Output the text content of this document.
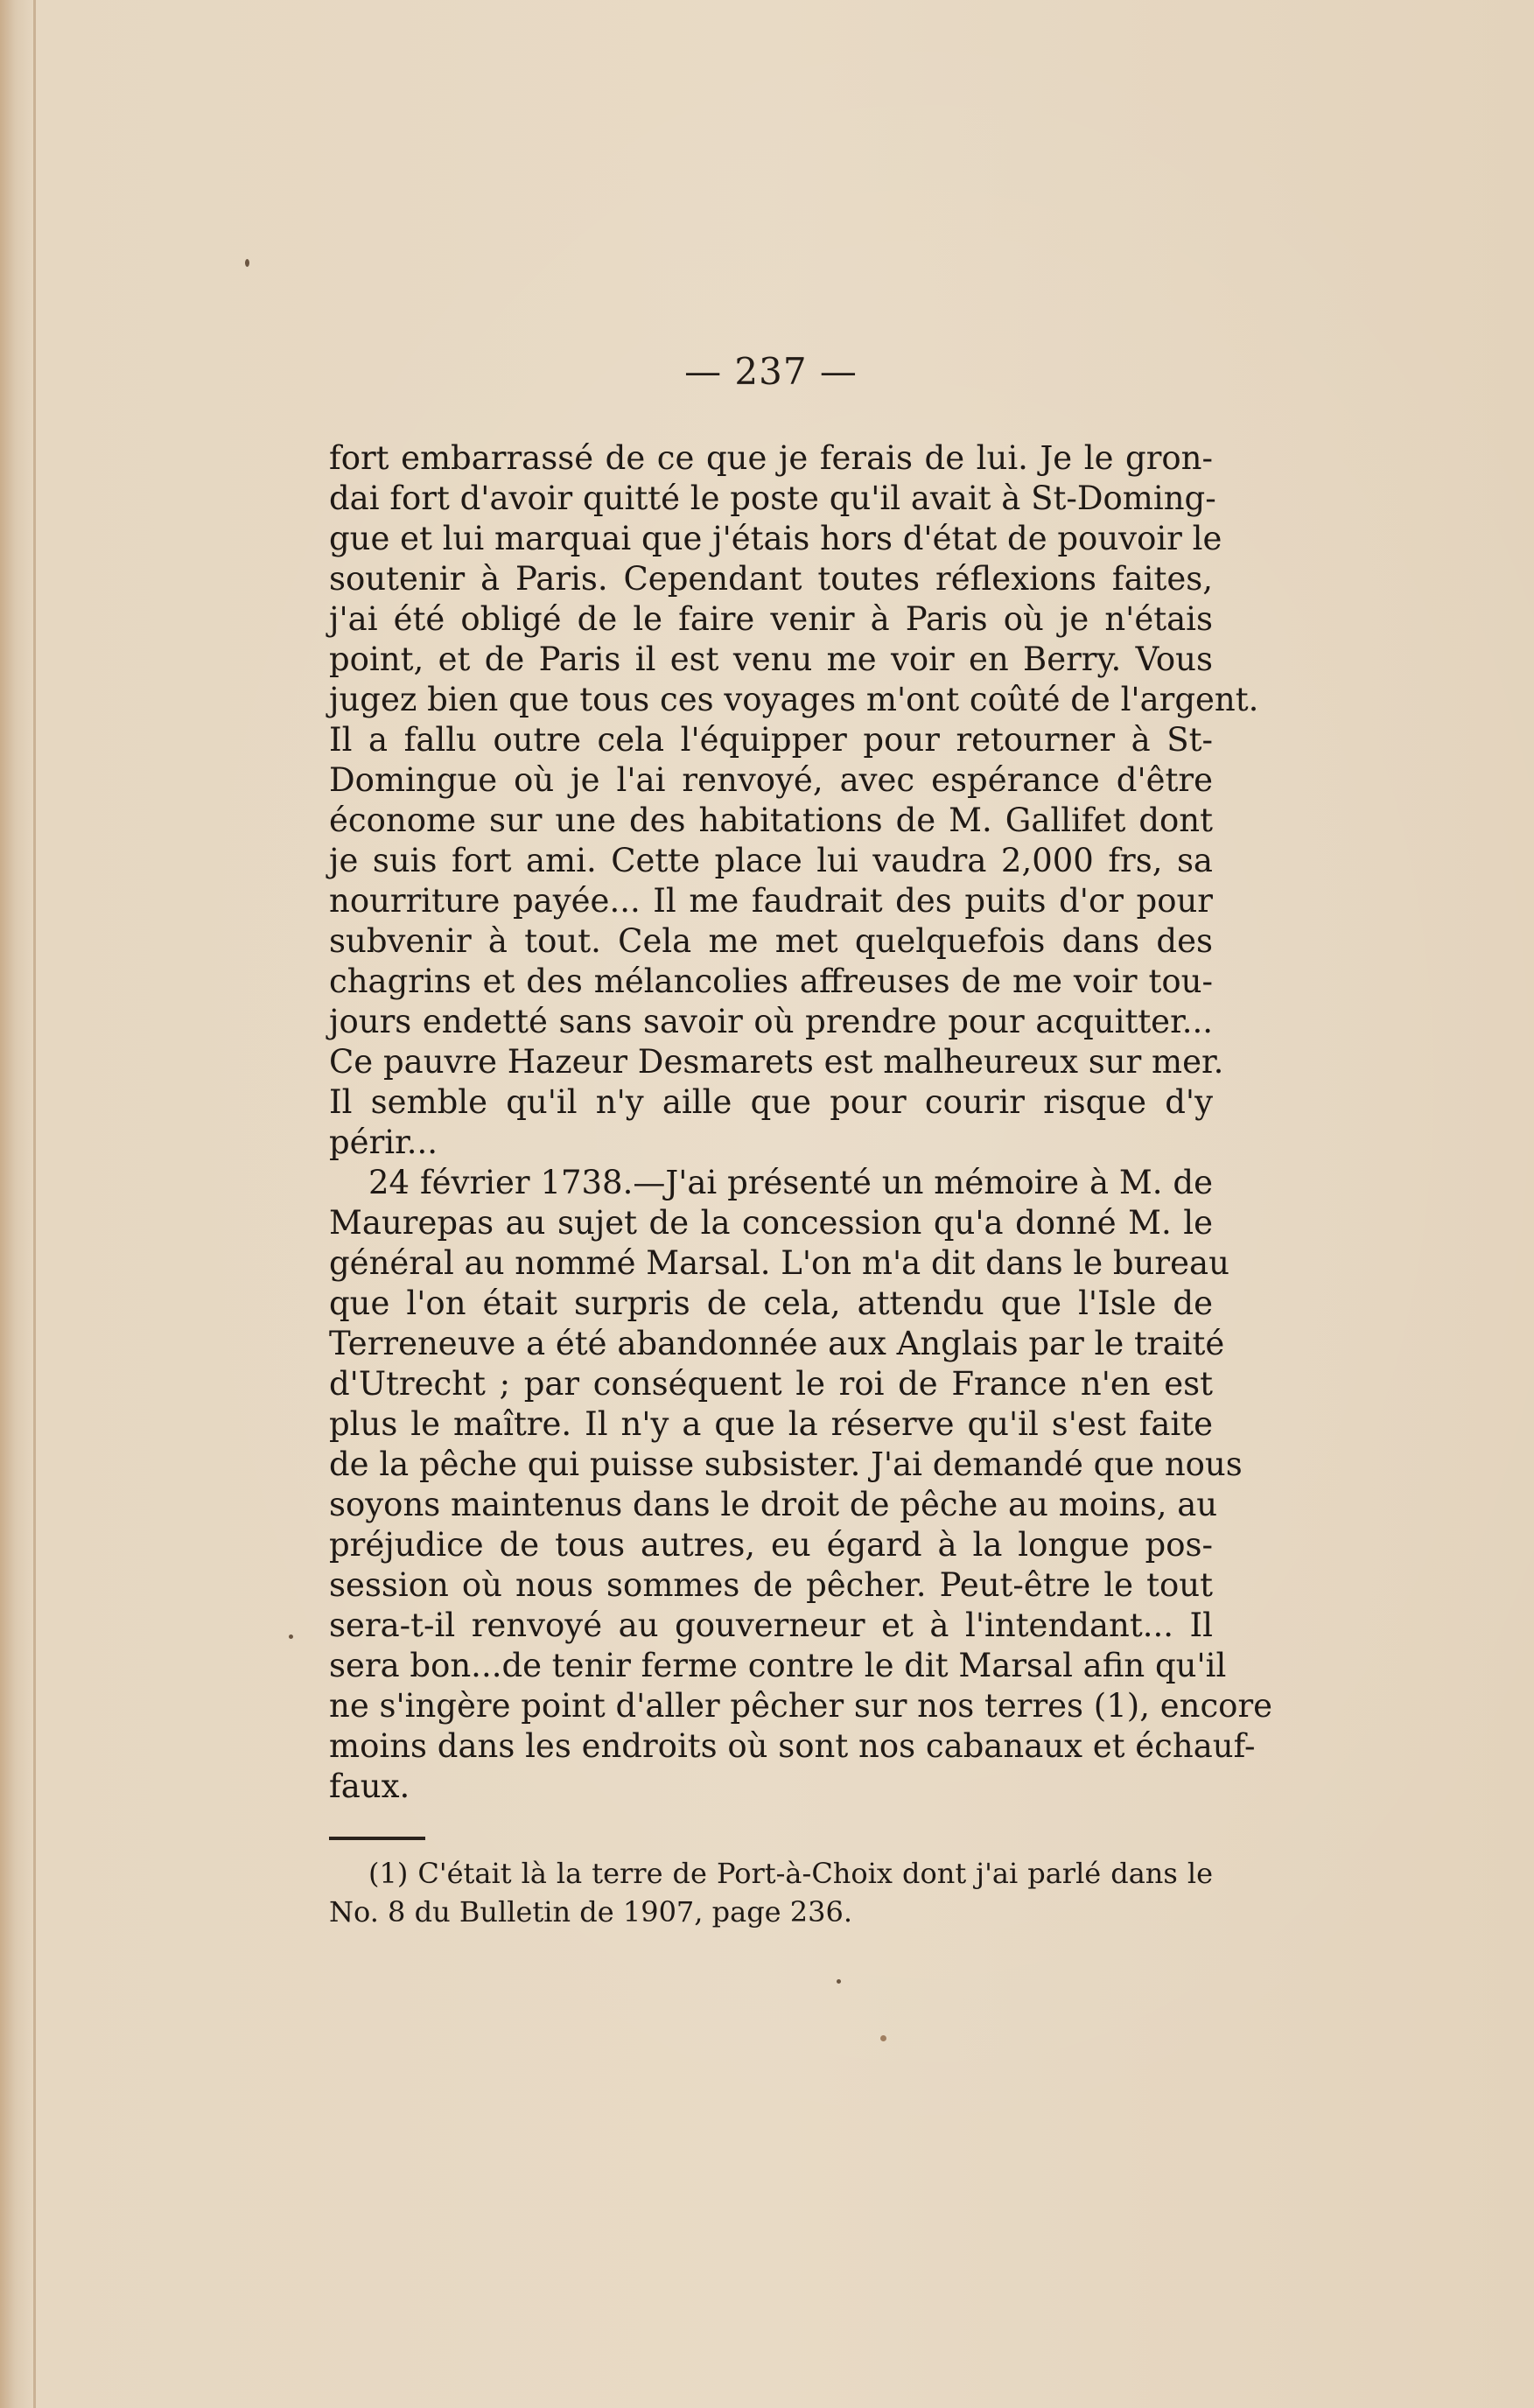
— 237 —
fort embarrassé de ce que je ferais de lui. Je le gron-
dai fort d'avoir quitté le poste qu'il avait à St-Doming-
gue et lui marquai que j'étais hors d'état de pouvoir le
soutenir à Paris. Cependant toutes réflexions faites,
j'ai été obligé de le faire venir à Paris où je n'étais
point, et de Paris il est venu me voir en Berry. Vous
jugez bien que tous ces voyages m'ont coûté de l'argent.
Il a fallu outre cela l'équipper pour retourner à St-
Domingue où je l'ai renvoyé, avec espérance d'être
économe sur une des habitations de M. Gallifet dont
je suis fort ami. Cette place lui vaudra 2,000 frs, sa
nourriture payée... Il me faudrait des puits d'or pour
subvenir à tout. Cela me met quelquefois dans des
chagrins et des mélancolies affreuses de me voir tou-
jours endetté sans savoir où prendre pour acquitter...
Ce pauvre Hazeur Desmarets est malheureux sur mer.
Il semble qu'il n'y aille que pour courir risque d'y
périr...
24 février 1738.—J'ai présenté un mémoire à M. de
Maurepas au sujet de la concession qu'a donné M. le
général au nommé Marsal. L'on m'a dit dans le bureau
que l'on était surpris de cela, attendu que l'Isle de
Terreneuve a été abandonnée aux Anglais par le traité
d'Utrecht ; par conséquent le roi de France n'en est
plus le maître. Il n'y a que la réserve qu'il s'est faite
de la pêche qui puisse subsister. J'ai demandé que nous
soyons maintenus dans le droit de pêche au moins, au
préjudice de tous autres, eu égard à la longue pos-
session où nous sommes de pêcher. Peut-être le tout
sera-t-il renvoyé au gouverneur et à l'intendant... Il
sera bon...de tenir ferme contre le dit Marsal afin qu'il
ne s'ingère point d'aller pêcher sur nos terres (1), encore
moins dans les endroits où sont nos cabanaux et échauf-
faux.
(1) C'était là la terre de Port-à-Choix dont j'ai parlé dans le
No. 8 du Bulletin de 1907, page 236.
